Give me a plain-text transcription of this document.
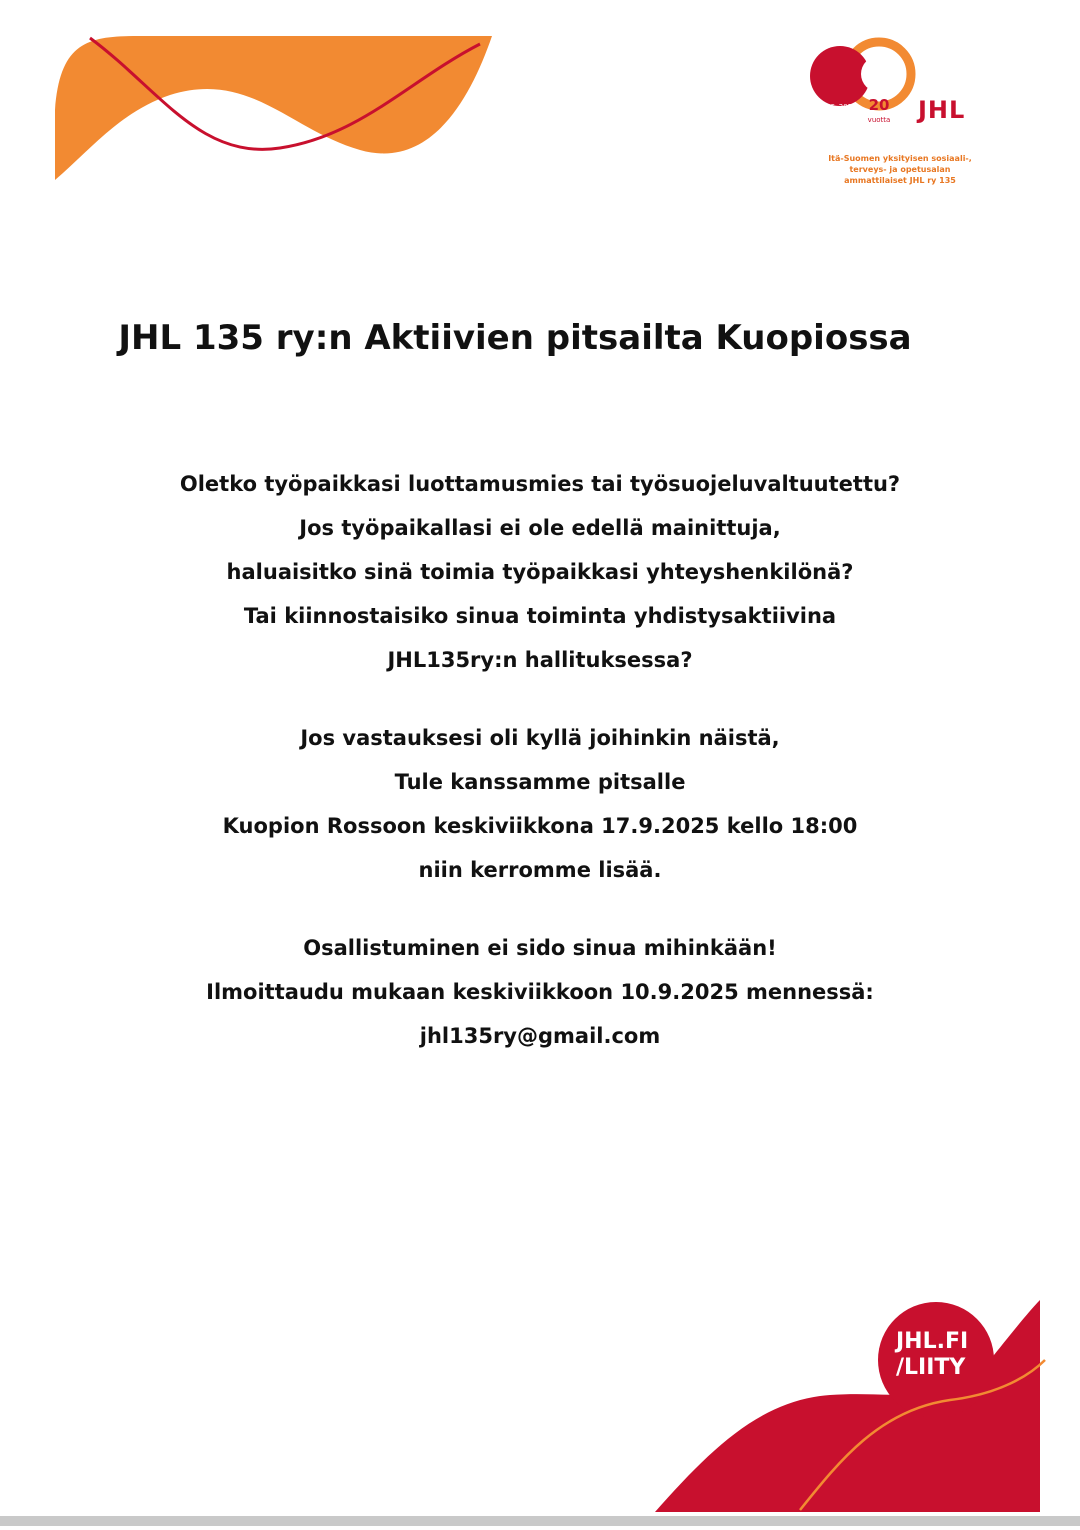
2005–2025 20
vuotta JHL
Itä-Suomen yksityisen sosiaali-,
terveys- ja opetusalan
ammattilaiset JHL ry 135
JHL 135 ry:n Aktiivien pitsailta Kuopiossa
Oletko työpaikkasi luottamusmies tai työsuojeluvaltuutettu?
Jos työpaikallasi ei ole edellä mainittuja,
haluaisitko sinä toimia työpaikkasi yhteyshenkilönä?
Tai kiinnostaisiko sinua toiminta yhdistysaktiivina
JHL135ry:n hallituksessa?
Jos vastauksesi oli kyllä joihinkin näistä,
Tule kanssamme pitsalle
Kuopion Rossoon keskiviikkona 17.9.2025 kello 18:00
niin kerromme lisää.
Osallistuminen ei sido sinua mihinkään!
Ilmoittaudu mukaan keskiviikkoon 10.9.2025 mennessä:
jhl135ry@gmail.com
JHL.FI
/LIITY
